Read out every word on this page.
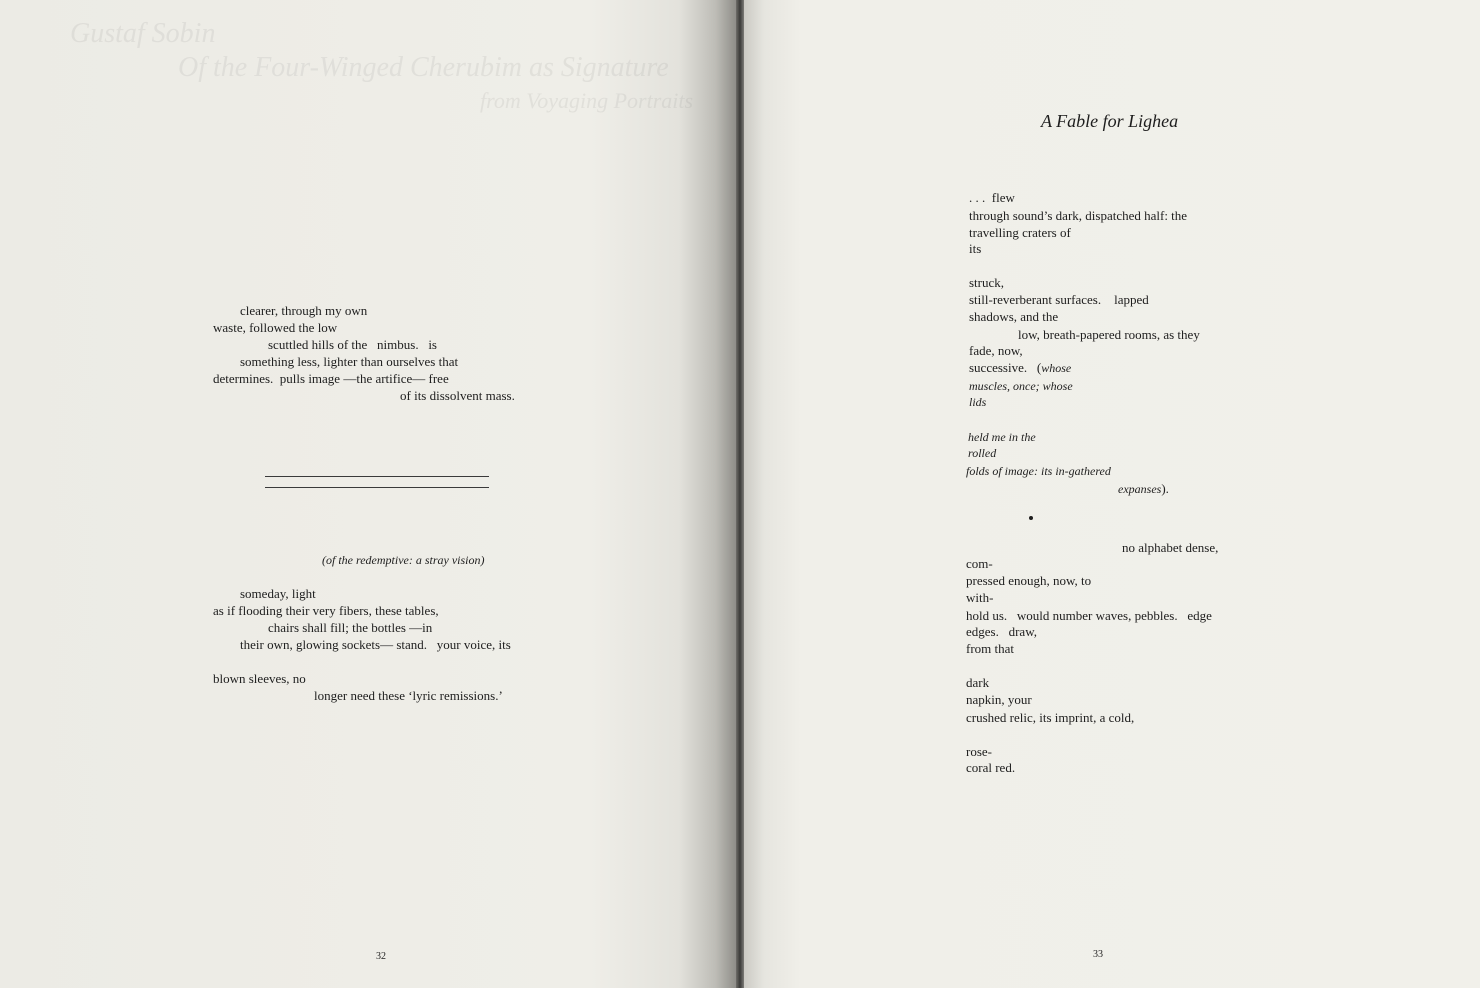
Gustaf Sobin
Of the Four-Winged Cherubim as Signature
from Voyaging Portraits
clearer, through my own
waste, followed the low
scuttled hills of the   nimbus.   is
something less, lighter than ourselves that
determines.  pulls image —the artifice— free
of its dissolvent mass.
(of the redemptive: a stray vision)
someday, light
as if flooding their very fibers, these tables,
chairs shall fill; the bottles —in
their own, glowing sockets— stand.   your voice, its
blown sleeves, no
longer need these ‘lyric remissions.’
32
A Fable for Lighea
. . .  flew
through sound’s dark, dispatched half: the
travelling craters of
its
struck,
still-reverberant surfaces.    lapped
shadows, and the
low, breath-papered rooms, as they
fade, now,
successive.   (whose
muscles, once; whose
lids
held me in the
rolled
folds of image: its in-gathered
expanses).
no alphabet dense,
com-
pressed enough, now, to
with-
hold us.   would number waves, pebbles.   edge
edges.   draw,
from that
dark
napkin, your
crushed relic, its imprint, a cold,
rose-
coral red.
33
